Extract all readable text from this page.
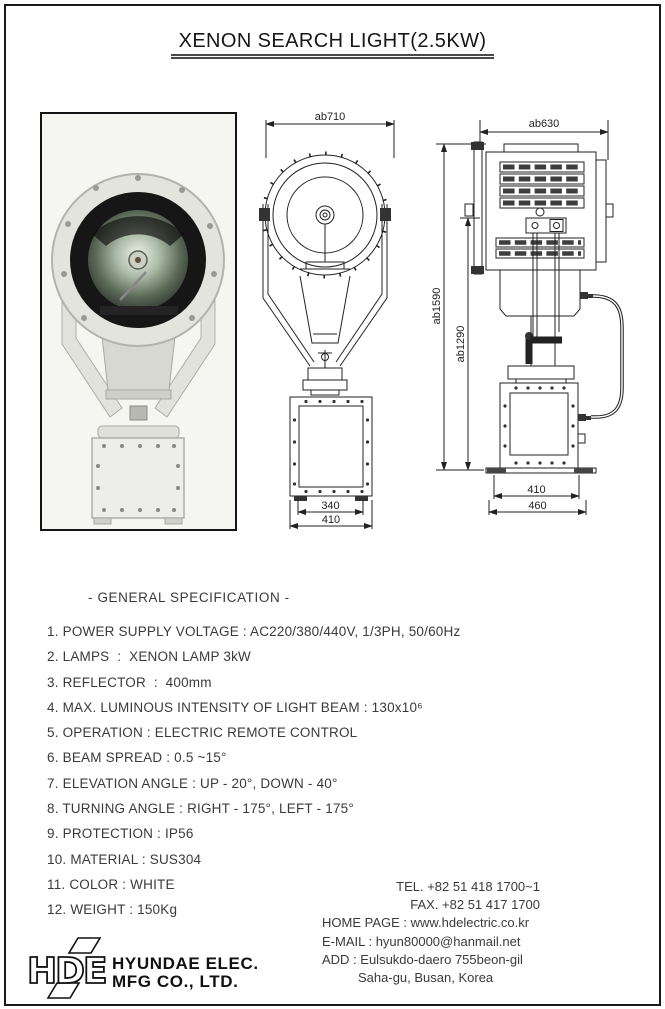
XENON SEARCH LIGHT(2.5KW)
ab710
340
410
ab630
ab1590
ab1290
410
460
- GENERAL SPECIFICATION -
1. POWER SUPPLY VOLTAGE : AC220/380/440V, 1/3PH, 50/60Hz
2. LAMPS  :  XENON LAMP 3kW
3. REFLECTOR  :  400mm
4. MAX. LUMINOUS INTENSITY OF LIGHT BEAM : 130x10⁶
5. OPERATION : ELECTRIC REMOTE CONTROL
6. BEAM SPREAD : 0.5 ~15°
7. ELEVATION ANGLE : UP - 20°, DOWN - 40°
8. TURNING ANGLE : RIGHT - 175°, LEFT - 175°
9. PROTECTION : IP56
10. MATERIAL : SUS304
11. COLOR : WHITE
12. WEIGHT : 150Kg
TEL. +82 51 418 1700~1
FAX. +82 51 417 1700
HOME PAGE : www.hdelectric.co.kr
E-MAIL : hyun80000@hanmail.net
ADD : Eulsukdo-daero 755beon-gil
Saha-gu, Busan, Korea
HDE HYUNDAE ELEC.
MFG CO., LTD.
